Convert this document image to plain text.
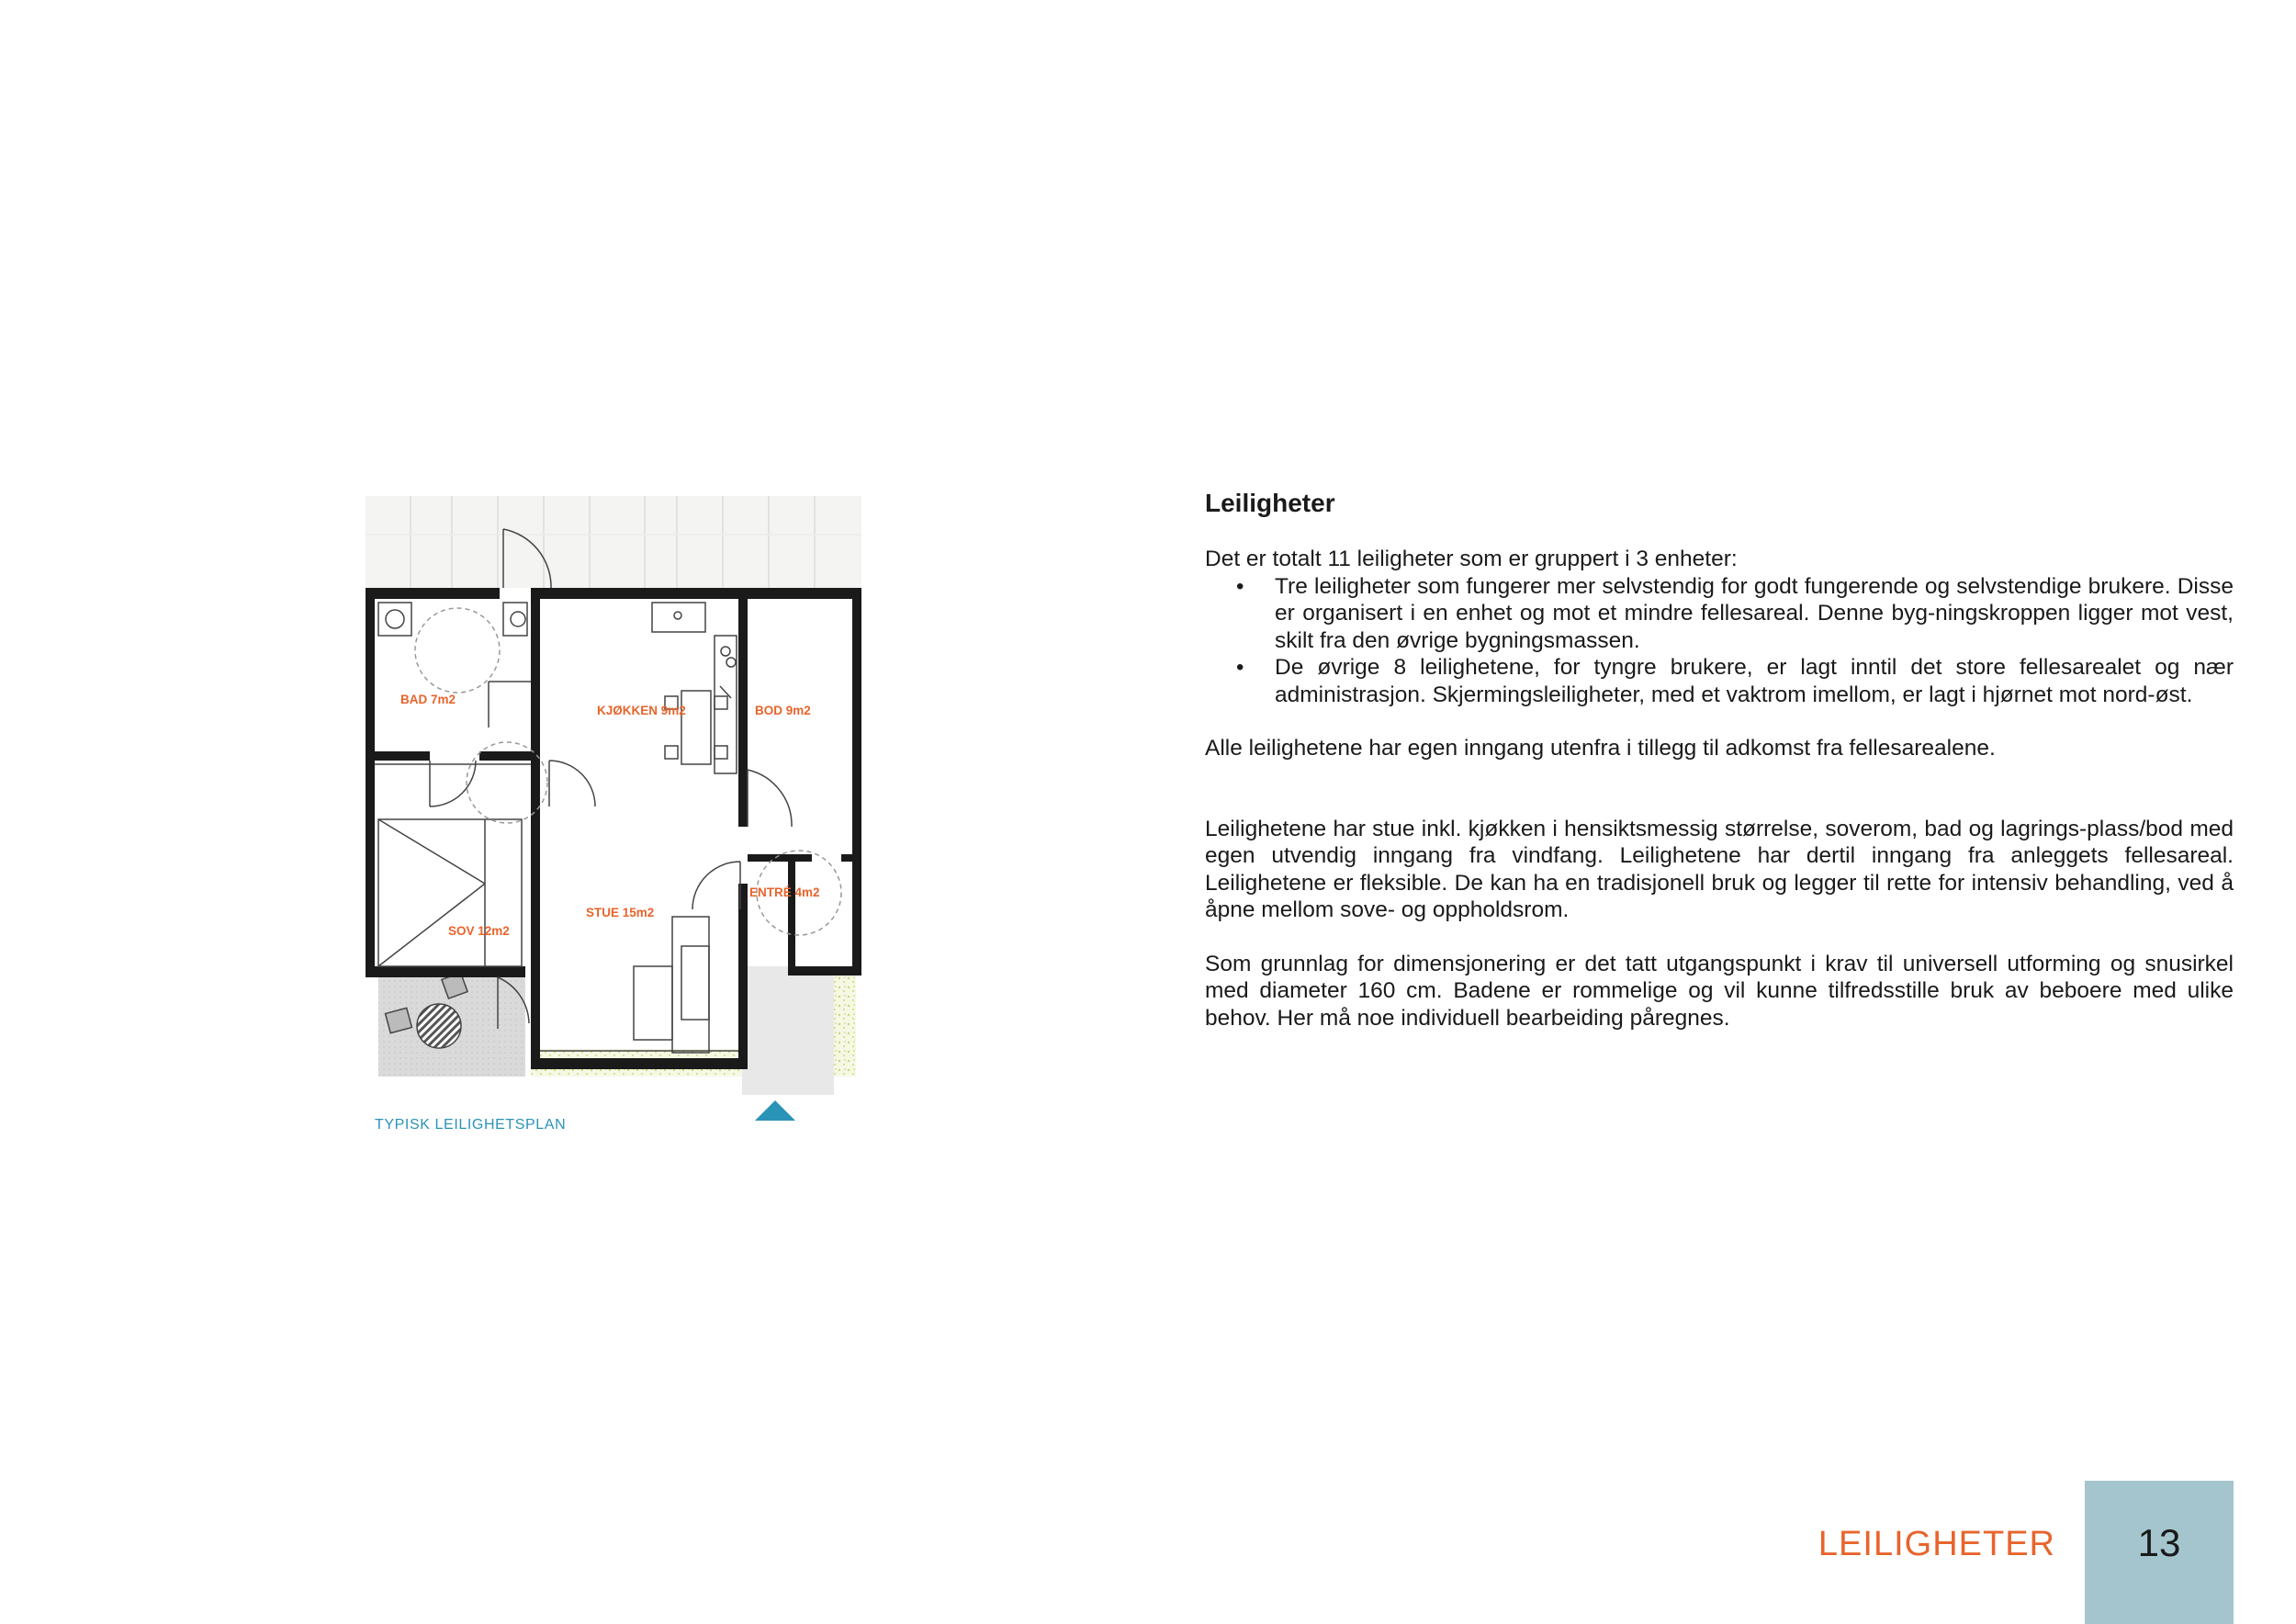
BAD 7m2
KJØKKEN 9m2	BOD 9m2
ENTRÉ 4m2
STUE 15m2
SOV 12m2
TYPISK LEILIGHETSPLAN
Leiligheter

Det er totalt 11 leiligheter som er gruppert i 3 enheter:

• Tre leiligheter som fungerer mer selvstendig for godt fungerende og selvstendige brukere. Disse er organisert i en enhet og mot et mindre fellesareal. Denne byg-ningskroppen ligger mot vest, skilt fra den øvrige bygningsmassen.
• De øvrige 8 leilighetene, for tyngre brukere, er lagt inntil det store fellesarealet og nær administrasjon. Skjermingsleiligheter, med et vaktrom imellom, er lagt i hjørnet mot nord-øst.

Alle leilighetene har egen inngang utenfra i tillegg til adkomst fra fellesarealene.

Leilighetene har stue inkl. kjøkken i hensiktsmessig størrelse, soverom, bad og lagrings-plass/bod med egen utvendig inngang fra vindfang. Leilighetene har dertil inngang fra anleggets fellesareal. Leilighetene er fleksible. De kan ha en tradisjonell bruk og legger til rette for intensiv behandling, ved å åpne mellom sove- og oppholdsrom.

Som grunnlag for dimensjonering er det tatt utgangspunkt i krav til universell utforming og snusirkel med diameter 160 cm. Badene er rommelige og vil kunne tilfredsstille bruk av beboere med ulike behov. Her må noe individuell bearbeiding påregnes.

LEILIGHETER	13
